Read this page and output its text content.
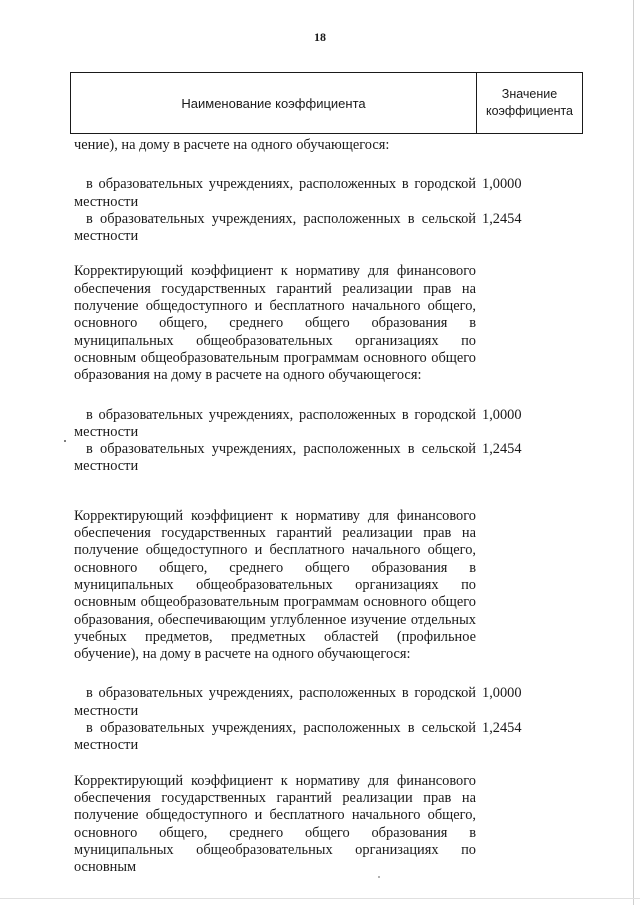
18
Наименование коэффициента
Значение
коэффициента
чение), на дому в расчете на одного обучающегося:
в образовательных учреждениях, расположенных в городской местности
1,0000
в образовательных учреждениях, расположенных в сельской местности
1,2454
Корректирующий коэффициент к нормативу для финансового обеспечения государственных гарантий реализации прав на получение общедоступного и бесплатного начального общего, основного общего, среднего общего образования в муниципальных общеобразовательных организациях по основным общеобразовательным программам основного общего образования на дому в расчете на одного обучающегося:
в образовательных учреждениях, расположенных в городской местности
1,0000
в образовательных учреждениях, расположенных в сельской местности
1,2454
Корректирующий коэффициент к нормативу для финансового обеспечения государственных гарантий реализации прав на получение общедоступного и бесплатного начального общего, основного общего, среднего общего образования в муниципальных общеобразовательных организациях по основным общеобразовательным программам основного общего образования, обеспечивающим углубленное изучение отдельных учебных предметов, предметных областей (профильное обучение), на дому в расчете на одного обучающегося:
в образовательных учреждениях, расположенных в городской местности
1,0000
в образовательных учреждениях, расположенных в сельской местности
1,2454
Корректирующий коэффициент к нормативу для финансового обеспечения государственных гарантий реализации прав на получение общедоступного и бесплатного начального общего, основного общего, среднего общего образования в муниципальных общеобразовательных организациях по основным
